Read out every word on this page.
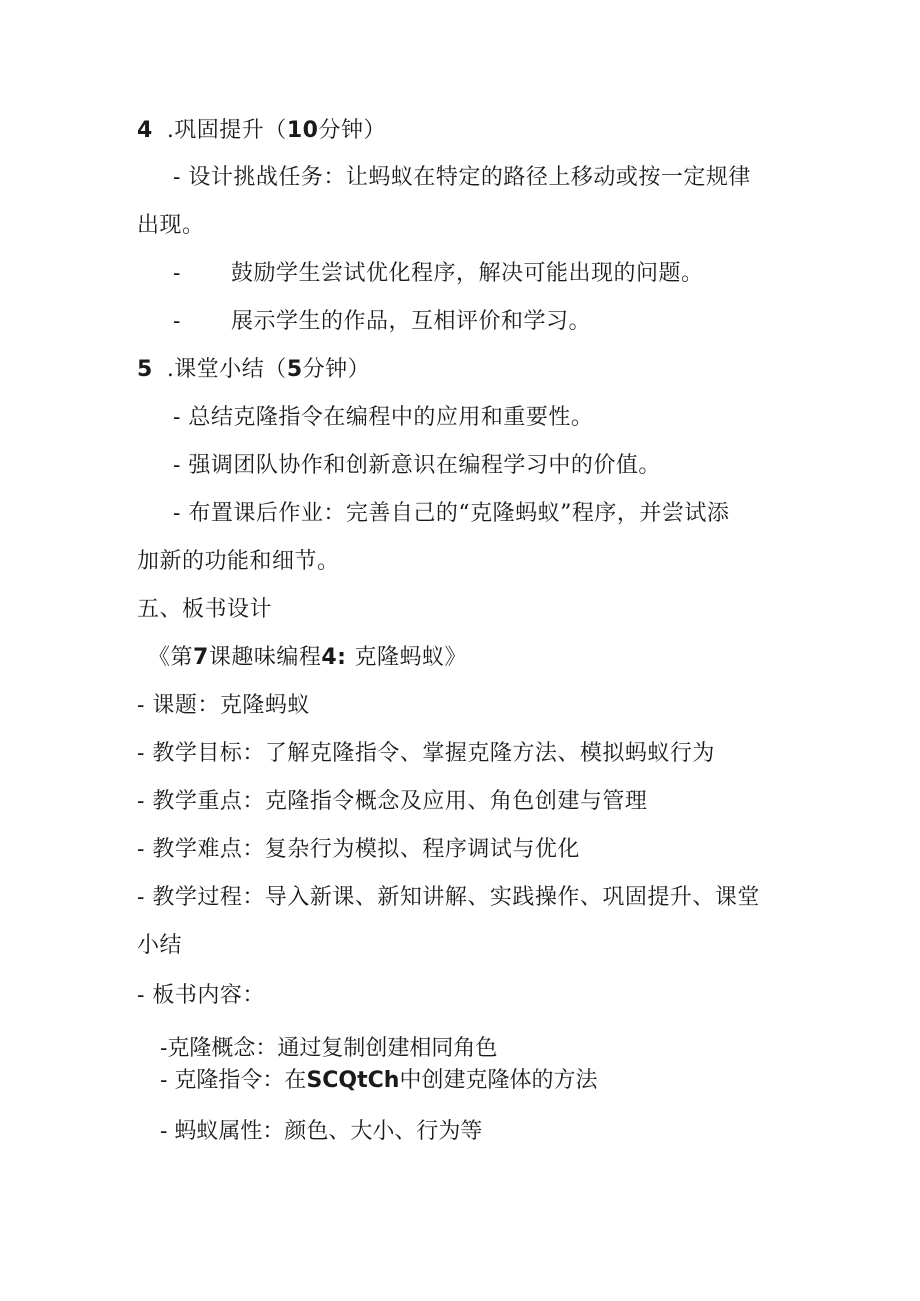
4 .巩固提升（10分钟）
- 设计挑战任务：让蚂蚁在特定的路径上移动或按一定规律
出现。
- 鼓励学生尝试优化程序，解决可能出现的问题。
- 展示学生的作品，互相评价和学习。
5 .课堂小结（5分钟）
- 总结克隆指令在编程中的应用和重要性。
- 强调团队协作和创新意识在编程学习中的价值。
- 布置课后作业：完善自己的“克隆蚂蚁”程序，并尝试添
加新的功能和细节。
五、板书设计
《第7课趣味编程4: 克隆蚂蚁》
- 课题：克隆蚂蚁
- 教学目标：了解克隆指令、掌握克隆方法、模拟蚂蚁行为
- 教学重点：克隆指令概念及应用、角色创建与管理
- 教学难点：复杂行为模拟、程序调试与优化
- 教学过程：导入新课、新知讲解、实践操作、巩固提升、课堂
小结
- 板书内容：
-克隆概念：通过复制创建相同角色
- 克隆指令：在SCQtCh中创建克隆体的方法
- 蚂蚁属性：颜色、大小、行为等
